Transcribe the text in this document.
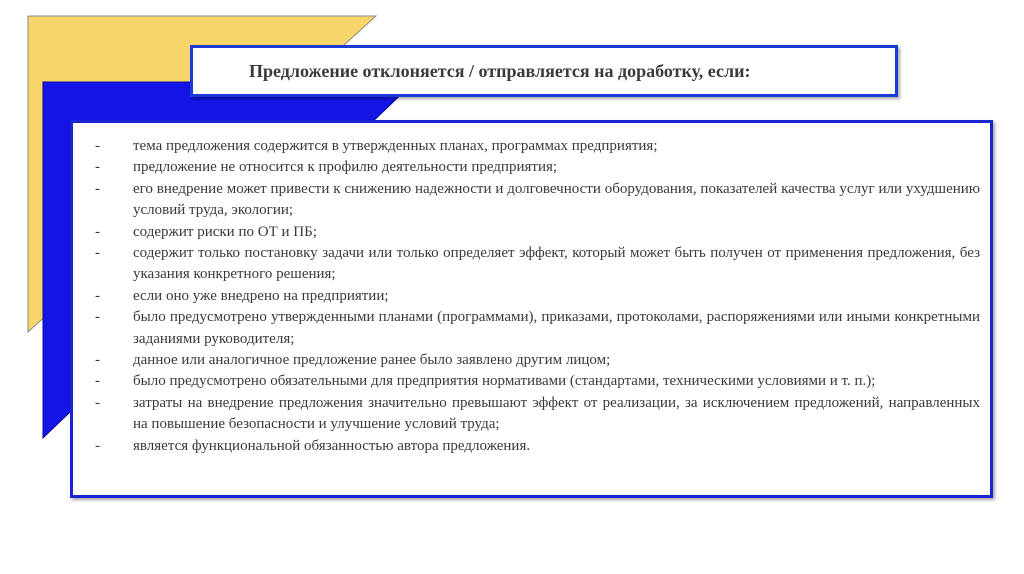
Предложение отклоняется / отправляется на доработку, если:
-	тема предложения содержится в утвержденных планах, программах предприятия;
-	предложение не относится к профилю деятельности предприятия;
-	его внедрение может привести к снижению надежности и долговечности оборудования, показателей качества услуг или ухудшению условий труда, экологии;
-	содержит риски по ОТ и ПБ;
-	содержит только постановку задачи или только определяет эффект, который может быть получен от применения предложения, без указания конкретного решения;
-	если оно уже внедрено на предприятии;
-	было предусмотрено утвержденными планами (программами), приказами, протоколами, распоряжениями или иными конкретными заданиями руководителя;
-	данное или аналогичное предложение ранее было заявлено другим лицом;
-	было предусмотрено обязательными для предприятия нормативами (стандартами, техническими условиями и т. п.);
-	затраты на внедрение предложения значительно превышают эффект от реализации, за исключением предложений, направленных на повышение безопасности и улучшение условий труда;
-	является функциональной обязанностью автора предложения.
